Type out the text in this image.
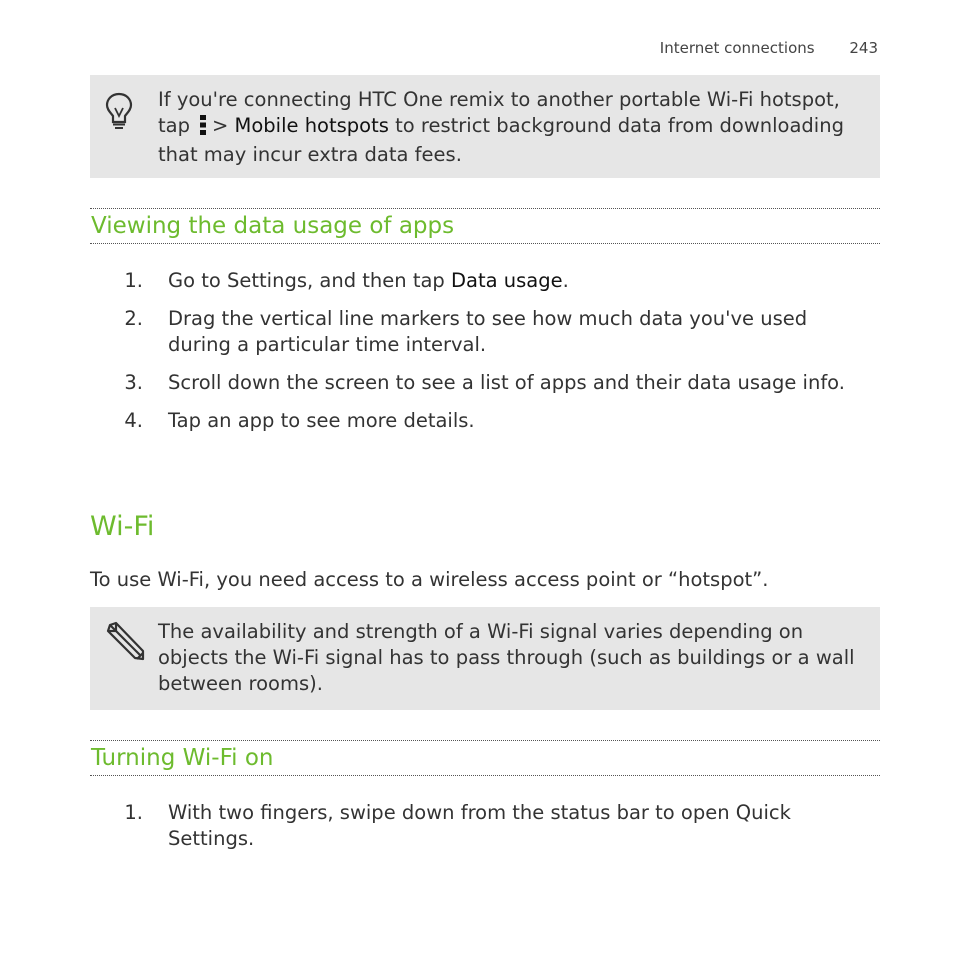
Internet connections 243
If you're connecting HTC One remix to another portable Wi-Fi hotspot, tap > Mobile hotspots to restrict background data from downloading that may incur extra data fees.
Viewing the data usage of apps
1. Go to Settings, and then tap Data usage.
2. Drag the vertical line markers to see how much data you've used during a particular time interval.
3. Scroll down the screen to see a list of apps and their data usage info.
4. Tap an app to see more details.
Wi-Fi

To use Wi-Fi, you need access to a wireless access point or “hotspot”.

The availability and strength of a Wi-Fi signal varies depending on objects the Wi-Fi signal has to pass through (such as buildings or a wall between rooms).
Turning Wi-Fi on
1. With two fingers, swipe down from the status bar to open Quick Settings.
